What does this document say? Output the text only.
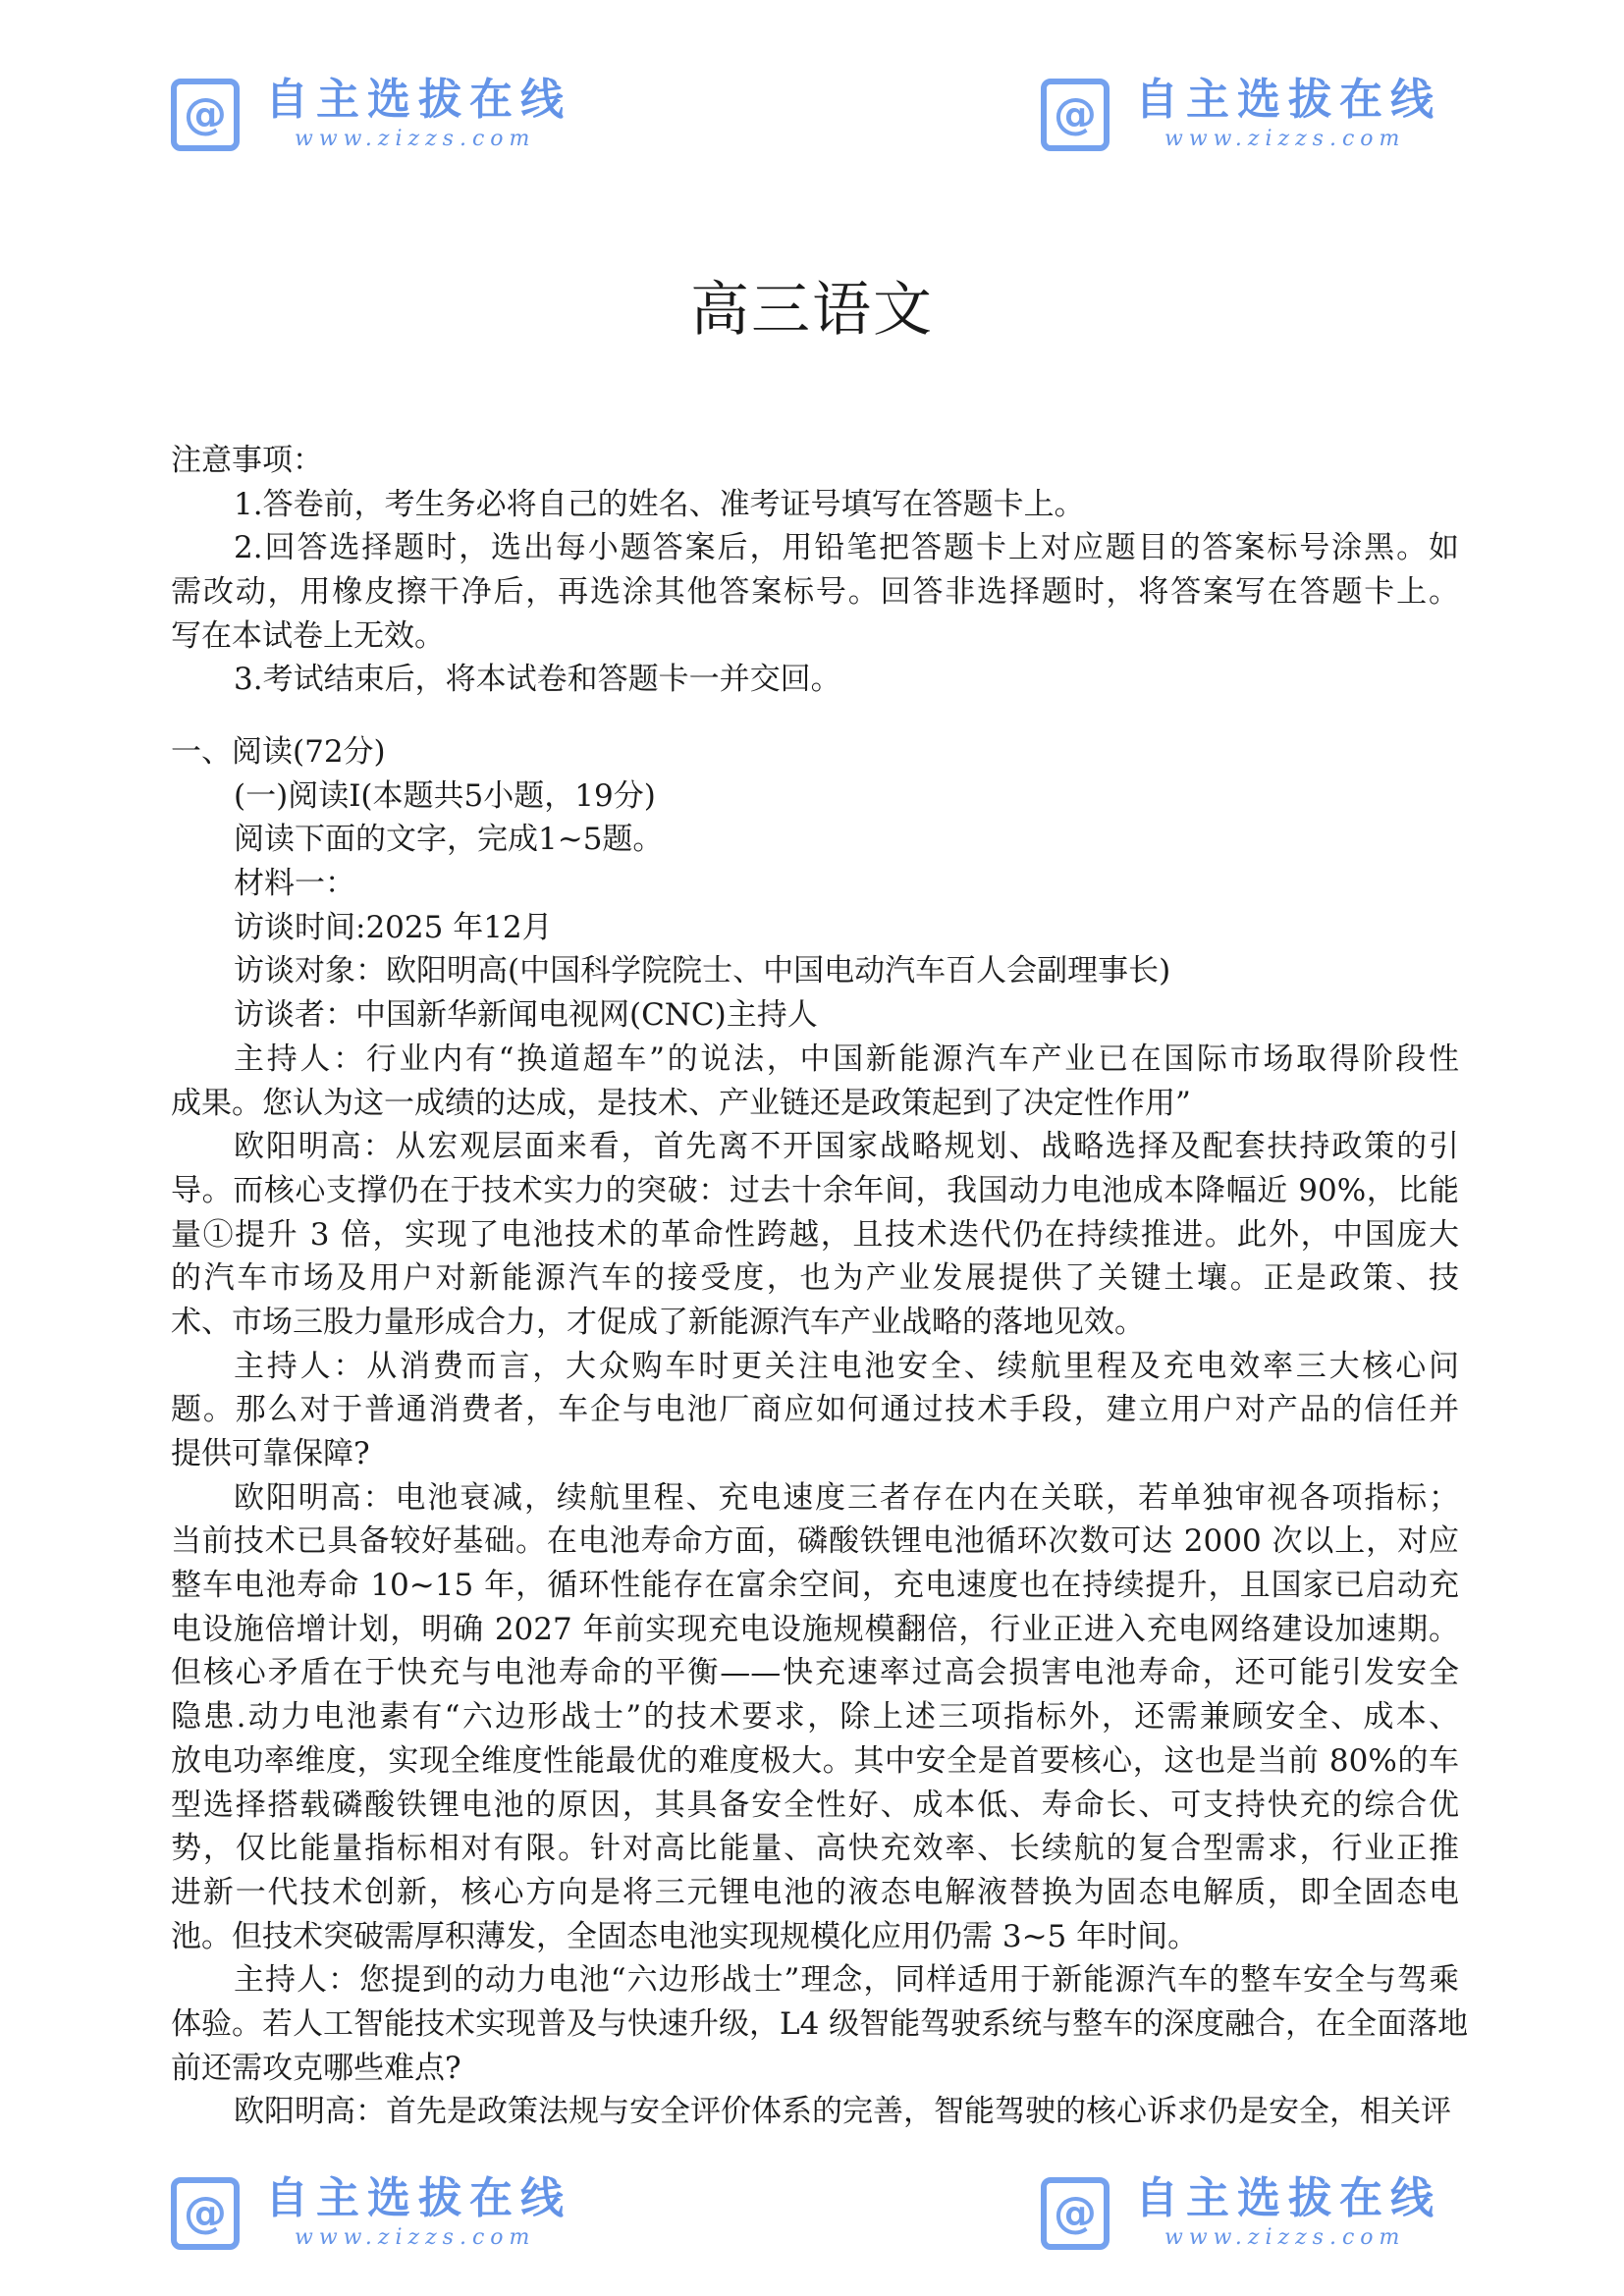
高三语文
注意事项：
1.答卷前，考生务必将自己的姓名、准考证号填写在答题卡上。
2.回答选择题时，选出每小题答案后，用铅笔把答题卡上对应题目的答案标号涂黑。如
需改动，用橡皮擦干净后，再选涂其他答案标号。回答非选择题时，将答案写在答题卡上。
写在本试卷上无效。
3.考试结束后，将本试卷和答题卡一并交回。
一、阅读(72分)
(一)阅读Ⅰ(本题共5小题，19分)
阅读下面的文字，完成1~5题。
材料一：
访谈时间:2025 年12月
访谈对象：欧阳明高(中国科学院院士、中国电动汽车百人会副理事长)
访谈者：中国新华新闻电视网(CNC)主持人
主持人：行业内有“换道超车”的说法，中国新能源汽车产业已在国际市场取得阶段性
成果。您认为这一成绩的达成，是技术、产业链还是政策起到了决定性作用”
欧阳明高：从宏观层面来看，首先离不开国家战略规划、战略选择及配套扶持政策的引
导。而核心支撑仍在于技术实力的突破：过去十余年间，我国动力电池成本降幅近 90%，比能
量①提升 3 倍，实现了电池技术的革命性跨越，且技术迭代仍在持续推进。此外，中国庞大
的汽车市场及用户对新能源汽车的接受度，也为产业发展提供了关键土壤。正是政策、技
术、市场三股力量形成合力，才促成了新能源汽车产业战略的落地见效。
主持人：从消费而言，大众购车时更关注电池安全、续航里程及充电效率三大核心问
题。那么对于普通消费者，车企与电池厂商应如何通过技术手段，建立用户对产品的信任并
提供可靠保障?
欧阳明高：电池衰减，续航里程、充电速度三者存在内在关联，若单独审视各项指标；
当前技术已具备较好基础。在电池寿命方面，磷酸铁锂电池循环次数可达 2000 次以上，对应
整车电池寿命 10~15 年，循环性能存在富余空间，充电速度也在持续提升，且国家已启动充
电设施倍增计划，明确 2027 年前实现充电设施规模翻倍，行业正进入充电网络建设加速期。
但核心矛盾在于快充与电池寿命的平衡——快充速率过高会损害电池寿命，还可能引发安全
隐患.动力电池素有“六边形战士”的技术要求，除上述三项指标外，还需兼顾安全、成本、
放电功率维度，实现全维度性能最优的难度极大。其中安全是首要核心，这也是当前 80%的车
型选择搭载磷酸铁锂电池的原因，其具备安全性好、成本低、寿命长、可支持快充的综合优
势，仅比能量指标相对有限。针对高比能量、高快充效率、长续航的复合型需求，行业正推
进新一代技术创新，核心方向是将三元锂电池的液态电解液替换为固态电解质，即全固态电
池。但技术突破需厚积薄发，全固态电池实现规模化应用仍需 3~5 年时间。
主持人：您提到的动力电池“六边形战士”理念，同样适用于新能源汽车的整车安全与驾乘
体验。若人工智能技术实现普及与快速升级，L4 级智能驾驶系统与整车的深度融合，在全面落地
前还需攻克哪些难点?
欧阳明高：首先是政策法规与安全评价体系的完善，智能驾驶的核心诉求仍是安全，相关评
@ 自主选拔在线
www.zizzs.com	@ 自主选拔在线
www.zizzs.com
@ 自主选拔在线
www.zizzs.com	@ 自主选拔在线
www.zizzs.com
